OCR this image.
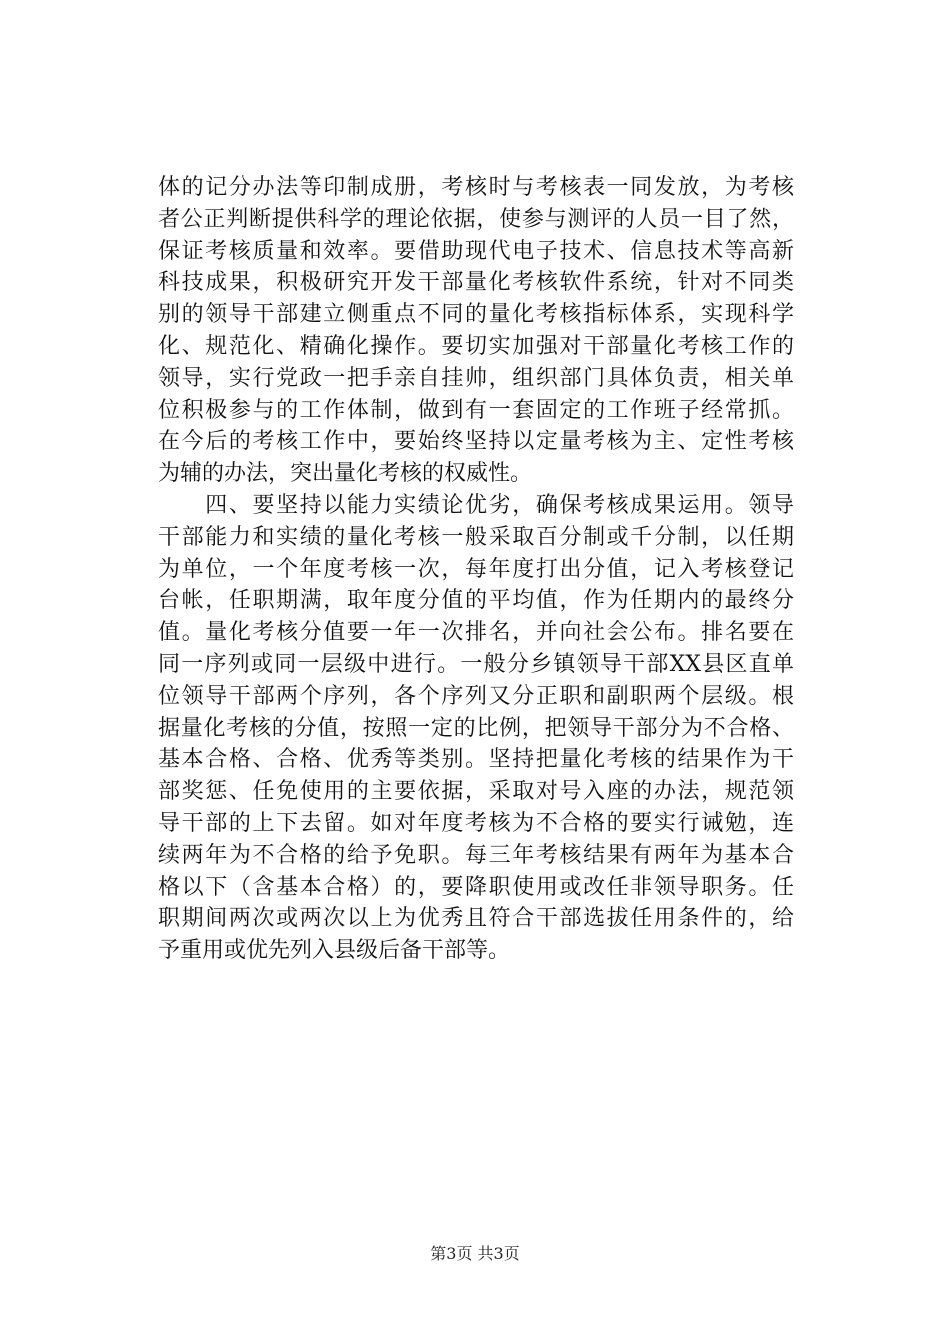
体的记分办法等印制成册，考核时与考核表一同发放，为考核
者公正判断提供科学的理论依据，使参与测评的人员一目了然，
保证考核质量和效率。要借助现代电子技术、信息技术等高新
科技成果，积极研究开发干部量化考核软件系统，针对不同类
别的领导干部建立侧重点不同的量化考核指标体系，实现科学
化、规范化、精确化操作。要切实加强对干部量化考核工作的
领导，实行党政一把手亲自挂帅，组织部门具体负责，相关单
位积极参与的工作体制，做到有一套固定的工作班子经常抓。
在今后的考核工作中，要始终坚持以定量考核为主、定性考核
为辅的办法，突出量化考核的权威性。
　　四、要坚持以能力实绩论优劣，确保考核成果运用。领导
干部能力和实绩的量化考核一般采取百分制或千分制，以任期
为单位，一个年度考核一次，每年度打出分值，记入考核登记
台帐，任职期满，取年度分值的平均值，作为任期内的最终分
值。量化考核分值要一年一次排名，并向社会公布。排名要在
同一序列或同一层级中进行。一般分乡镇领导干部XX县区直单
位领导干部两个序列，各个序列又分正职和副职两个层级。根
据量化考核的分值，按照一定的比例，把领导干部分为不合格、
基本合格、合格、优秀等类别。坚持把量化考核的结果作为干
部奖惩、任免使用的主要依据，采取对号入座的办法，规范领
导干部的上下去留。如对年度考核为不合格的要实行诫勉，连
续两年为不合格的给予免职。每三年考核结果有两年为基本合
格以下（含基本合格）的，要降职使用或改任非领导职务。任
职期间两次或两次以上为优秀且符合干部选拔任用条件的，给
予重用或优先列入县级后备干部等。
第3页 共3页
